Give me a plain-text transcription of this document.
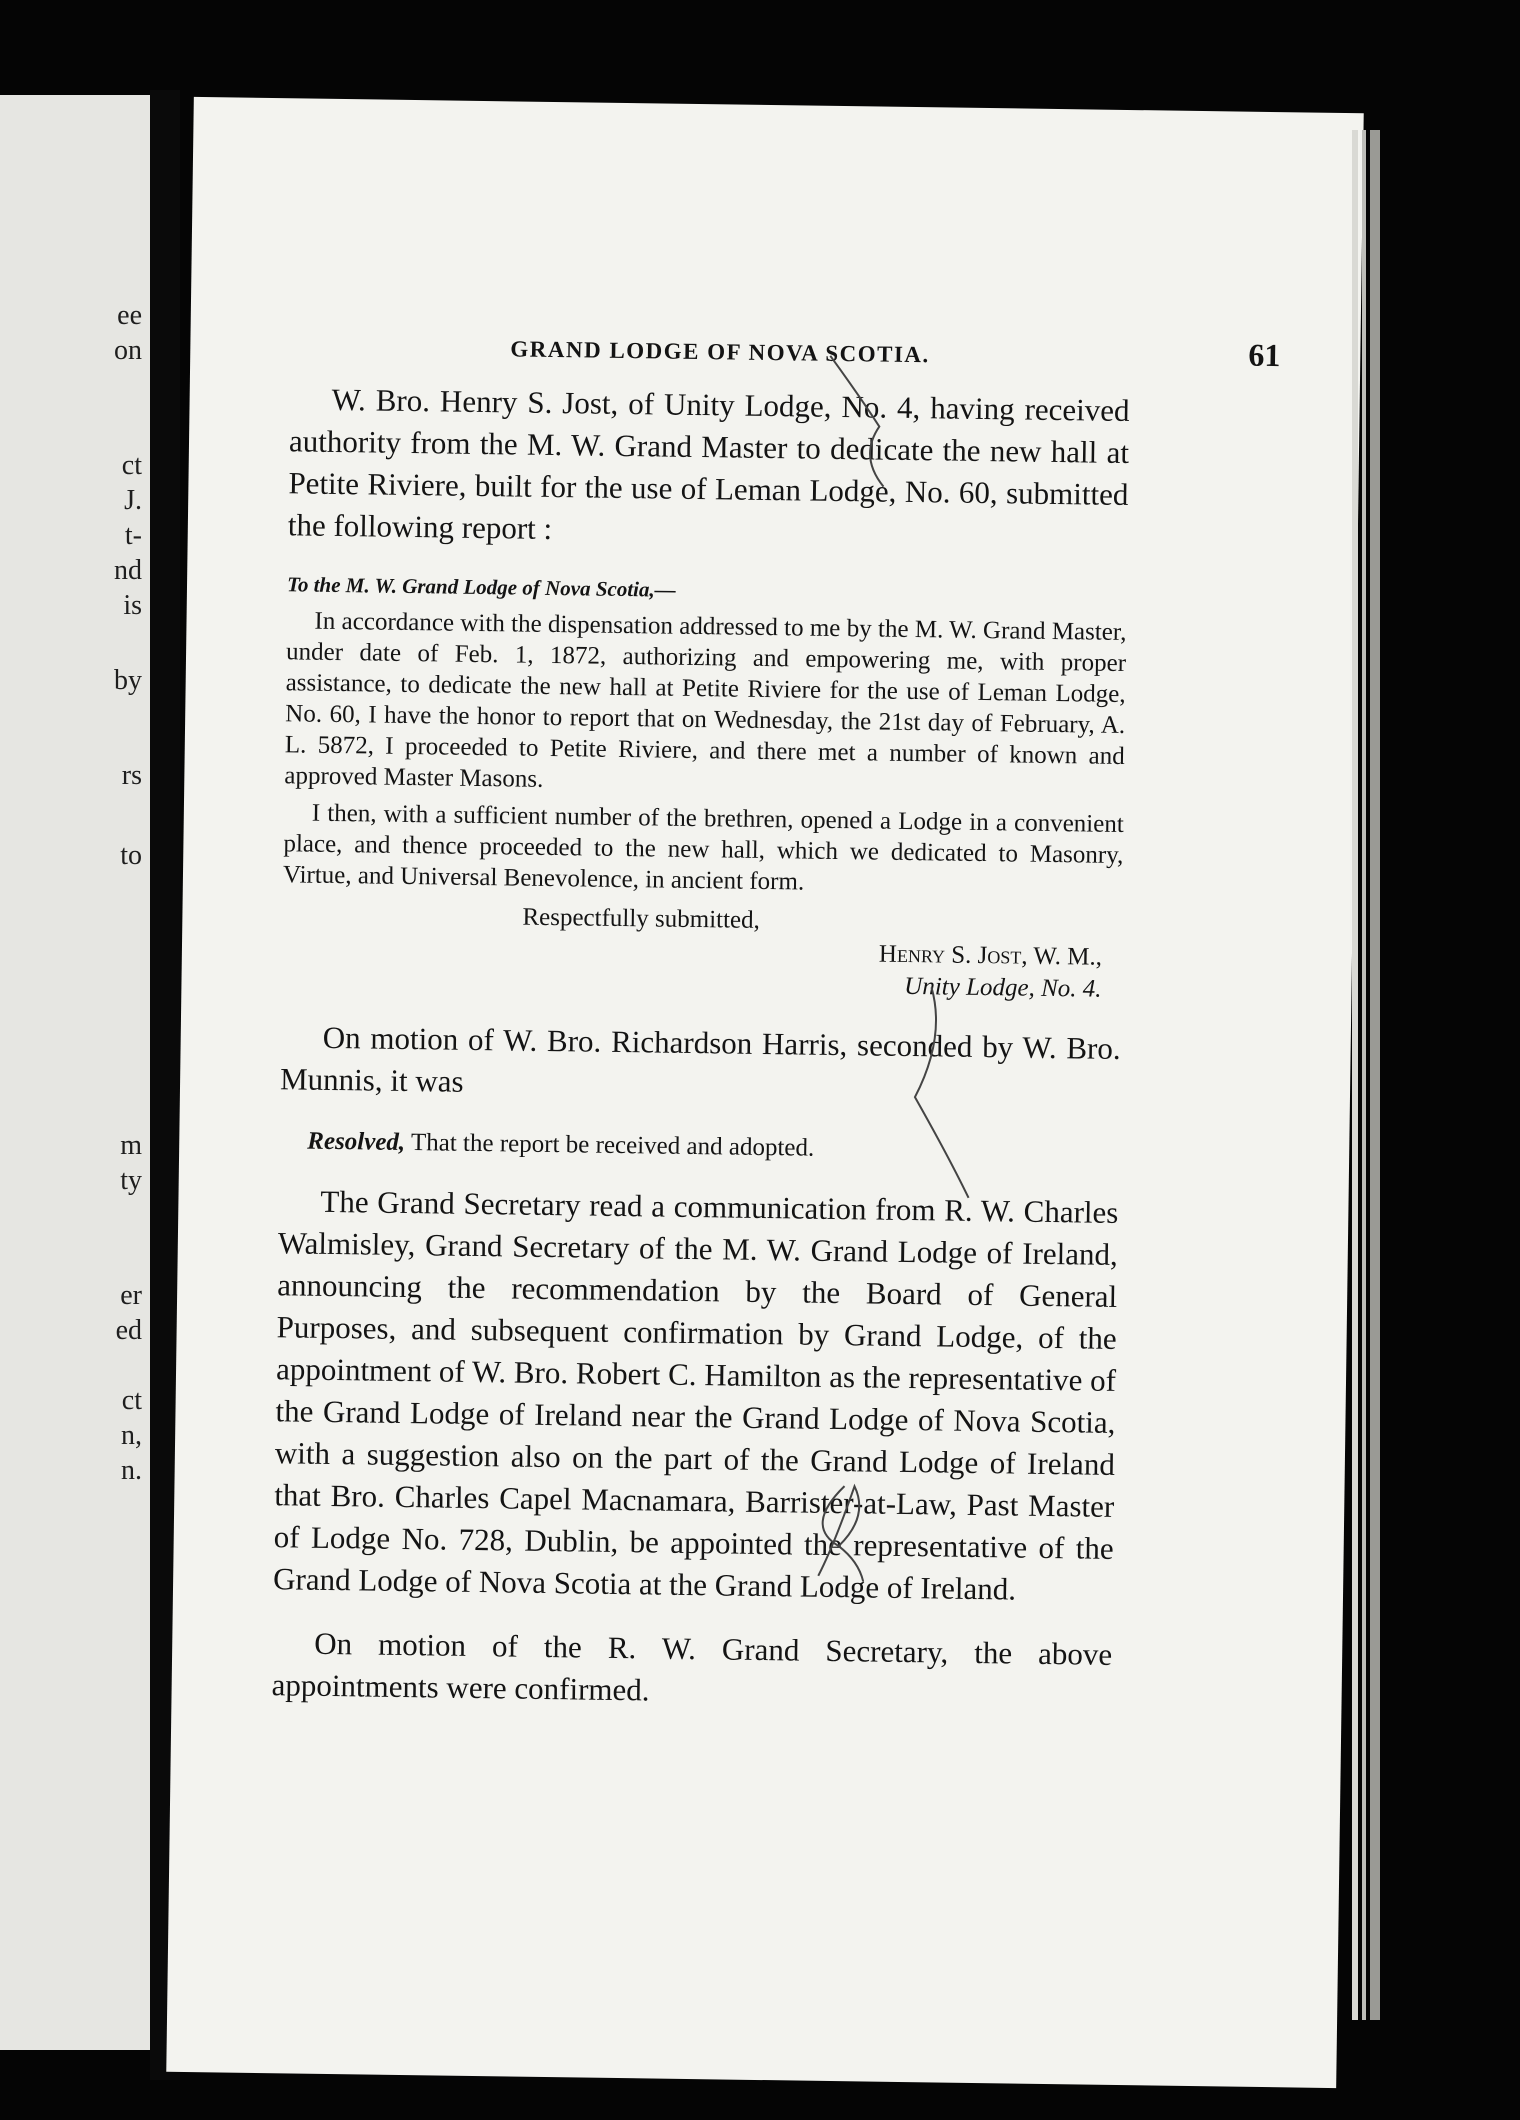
ee
on
ct
J.
t-
nd
is
by
rs
to
m
ty
er
ed
ct
n,
n.
GRAND LODGE OF NOVA SCOTIA.	61

W. Bro. Henry S. Jost, of Unity Lodge, No. 4, having received authority from the M. W. Grand Master to dedicate the new hall at Petite Riviere, built for the use of Leman Lodge, No. 60, submitted the following report :

To the M. W. Grand Lodge of Nova Scotia,—

In accordance with the dispensation addressed to me by the M. W. Grand Master, under date of Feb. 1, 1872, authorizing and empowering me, with proper assistance, to dedicate the new hall at Petite Riviere for the use of Leman Lodge, No. 60, I have the honor to report that on Wednesday, the 21st day of February, A. L. 5872, I proceeded to Petite Riviere, and there met a number of known and approved Master Masons.

I then, with a sufficient number of the brethren, opened a Lodge in a convenient place, and thence proceeded to the new hall, which we dedicated to Masonry, Virtue, and Universal Benevolence, in ancient form.

Respectfully submitted,
Henry S. Jost, W. M.,
Unity Lodge, No. 4.

On motion of W. Bro. Richardson Harris, seconded by W. Bro. Munnis, it was

Resolved, That the report be received and adopted.

The Grand Secretary read a communication from R. W. Charles Walmisley, Grand Secretary of the M. W. Grand Lodge of Ireland, announcing the recommendation by the Board of General Purposes, and subsequent confirmation by Grand Lodge, of the appointment of W. Bro. Robert C. Hamilton as the representative of the Grand Lodge of Ireland near the Grand Lodge of Nova Scotia, with a suggestion also on the part of the Grand Lodge of Ireland that Bro. Charles Capel Macnamara, Barrister-at-Law, Past Master of Lodge No. 728, Dublin, be appointed the representative of the Grand Lodge of Nova Scotia at the Grand Lodge of Ireland.

On motion of the R. W. Grand Secretary, the above appointments were confirmed.
